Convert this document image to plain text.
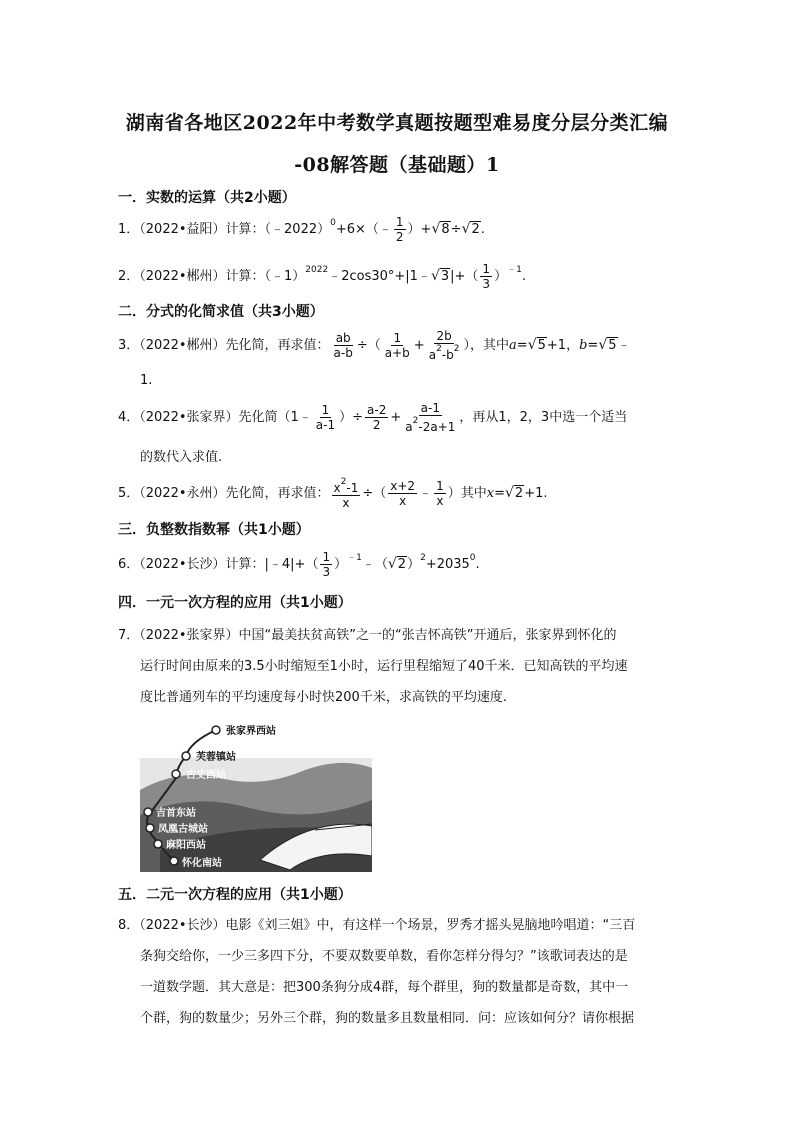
湖南省各地区2022年中考数学真题按题型难易度分层分类汇编
-08解答题（基础题）1
一．实数的运算（共2小题）
1．（2022•益阳）计算：（﹣2022）$^0$+6×（﹣ $\frac{1}{2} )+√8\div√2$.
2．（2022•郴州）计算：（﹣1）$^{2022}$﹣2cos30°+|1﹣√3|+（ $\frac{1}{3} )^{﹣1}$.
二．分式的化简求值（共3小题）
3．（2022•郴州）先化简，再求值： $\frac{ab}{a-b}$ ÷（ $\frac{1}{a+b} + \frac{2b}{a^2-b^2}$ ），其中a=√5+1，b=√5﹣
1.
4．（2022•张家界）先化简（1﹣ $\frac{1}{a-1}$ ）÷ $\frac{a-2}{2} + \frac{a-1}{a^2-2a+1}$ ，再从1，2，3中选一个适当
的数代入求值.
5．（2022•永州）先化简，再求值： $\frac{x^2-1}{x}$ ÷（ $\frac{x+2}{x}$ ﹣ $\frac{1}{x}$ ）其中x=√2+1.
三．负整数指数幂（共1小题）
6．（2022•长沙）计算：|﹣4|+（ $\frac{1}{3}$ ）$^{﹣1}﹣(√2)^2+2035^0$.
四．一元一次方程的应用（共1小题）
7．（2022•张家界）中国“最美扶贫高铁”之一的“张吉怀高铁”开通后，张家界到怀化的
运行时间由原来的3.5小时缩短至1小时，运行里程缩短了40千米．已知高铁的平均速
度比普通列车的平均速度每小时快200千米，求高铁的平均速度.
张家界西站
芙蓉镇站
古丈西站
吉首东站
凤凰古城站
麻阳西站
怀化南站
五．二元一次方程的应用（共1小题）
8．（2022•长沙）电影《刘三姐》中，有这样一个场景，罗秀才摇头晃脑地吟唱道：“三百
条狗交给你，一少三多四下分，不要双数要单数，看你怎样分得匀？”该歌词表达的是
一道数学题．其大意是：把300条狗分成4群，每个群里，狗的数量都是奇数，其中一
个群，狗的数量少；另外三个群，狗的数量多且数量相同．问：应该如何分？请你根据
